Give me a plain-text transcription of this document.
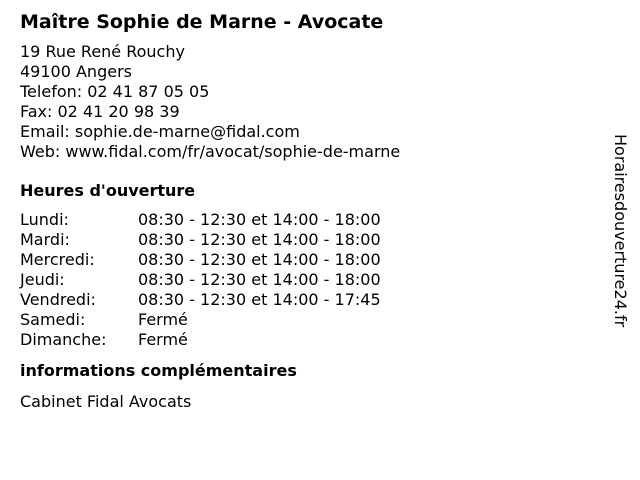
Maître Sophie de Marne - Avocate
19 Rue René Rouchy
49100 Angers
Telefon: 02 41 87 05 05
Fax: 02 41 20 98 39
Email: sophie.de-marne@fidal.com
Web: www.fidal.com/fr/avocat/sophie-de-marne
Heures d'ouverture
Lundi:	08:30 - 12:30 et 14:00 - 18:00
Mardi:	08:30 - 12:30 et 14:00 - 18:00
Mercredi:	08:30 - 12:30 et 14:00 - 18:00
Jeudi:	08:30 - 12:30 et 14:00 - 18:00
Vendredi:	08:30 - 12:30 et 14:00 - 17:45
Samedi:	Fermé
Dimanche:	Fermé
informations complémentaires
Cabinet Fidal Avocats
Horairesdouverture24.fr
